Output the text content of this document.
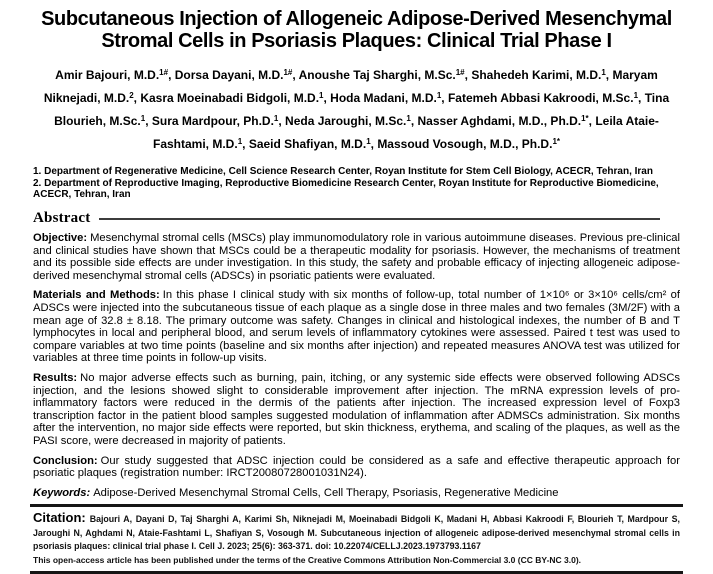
Subcutaneous Injection of Allogeneic Adipose-Derived Mesenchymal
Stromal Cells in Psoriasis Plaques: Clinical Trial Phase I
Amir Bajouri, M.D.$^{1\#}$, Dorsa Dayani, M.D.$^{1\#}$, Anoushe Taj Sharghi, M.Sc.$^{1\#}$, Shahedeh Karimi, M.D.$^1$, Maryam Niknejadi, M.D.$^2$, Kasra Moeinabadi Bidgoli, M.D.$^1$, Hoda Madani, M.D.$^1$, Fatemeh Abbasi Kakroodi, M.Sc.$^1$, Tina Blourieh, M.Sc.$^1$, Sura Mardpour, Ph.D.$^1$, Neda Jaroughi, M.Sc.$^1$, Nasser Aghdami, M.D., Ph.D.$^{1*}$, Leila Ataie-Fashtami, M.D.$^1$, Saeid Shafiyan, M.D.$^1$, Massoud Vosough, M.D., Ph.D.$^{1*}$
1. Department of Regenerative Medicine, Cell Science Research Center, Royan Institute for Stem Cell Biology, ACECR, Tehran, Iran
2. Department of Reproductive Imaging, Reproductive Biomedicine Research Center, Royan Institute for Reproductive Biomedicine, ACECR, Tehran, Iran
Abstract

Objective: Mesenchymal stromal cells (MSCs) play immunomodulatory role in various autoimmune diseases. Previous pre-clinical and clinical studies have shown that MSCs could be a therapeutic modality for psoriasis. However, the mechanisms of treatment and its possible side effects are under investigation. In this study, the safety and probable efficacy of injecting allogeneic adipose-derived mesenchymal stromal cells (ADSCs) in psoriatic patients were evaluated.

Materials and Methods: In this phase I clinical study with six months of follow-up, total number of 1×10⁶ or 3×10⁶ cells/cm² of ADSCs were injected into the subcutaneous tissue of each plaque as a single dose in three males and two females (3M/2F) with a mean age of 32.8 ± 8.18. The primary outcome was safety. Changes in clinical and histological indexes, the number of B and T lymphocytes in local and peripheral blood, and serum levels of inflammatory cytokines were assessed. Paired t test was used to compare variables at two time points (baseline and six months after injection) and repeated measures ANOVA test was utilized for variables at three time points in follow-up visits.

Results: No major adverse effects such as burning, pain, itching, or any systemic side effects were observed following ADSCs injection, and the lesions showed slight to considerable improvement after injection. The mRNA expression levels of pro-inflammatory factors were reduced in the dermis of the patients after injection. The increased expression level of Foxp3 transcription factor in the patient blood samples suggested modulation of inflammation after ADMSCs administration. Six months after the intervention, no major side effects were reported, but skin thickness, erythema, and scaling of the plaques, as well as the PASI score, were decreased in majority of patients.

Conclusion: Our study suggested that ADSC injection could be considered as a safe and effective therapeutic approach for psoriatic plaques (registration number: IRCT20080728001031N24).

Keywords: Adipose-Derived Mesenchymal Stromal Cells, Cell Therapy, Psoriasis, Regenerative Medicine

Citation: Bajouri A, Dayani D, Taj Sharghi A, Karimi Sh, Niknejadi M, Moeinabadi Bidgoli K, Madani H, Abbasi Kakroodi F, Blourieh T, Mardpour S, Jaroughi N, Aghdami N, Ataie-Fashtami L, Shafiyan S, Vosough M. Subcutaneous injection of allogeneic adipose-derived mesenchymal stromal cells in psoriasis plaques: clinical trial phase I. Cell J. 2023; 25(6): 363-371. doi: 10.22074/CELLJ.2023.1973793.1167
This open-access article has been published under the terms of the Creative Commons Attribution Non-Commercial 3.0 (CC BY-NC 3.0).
